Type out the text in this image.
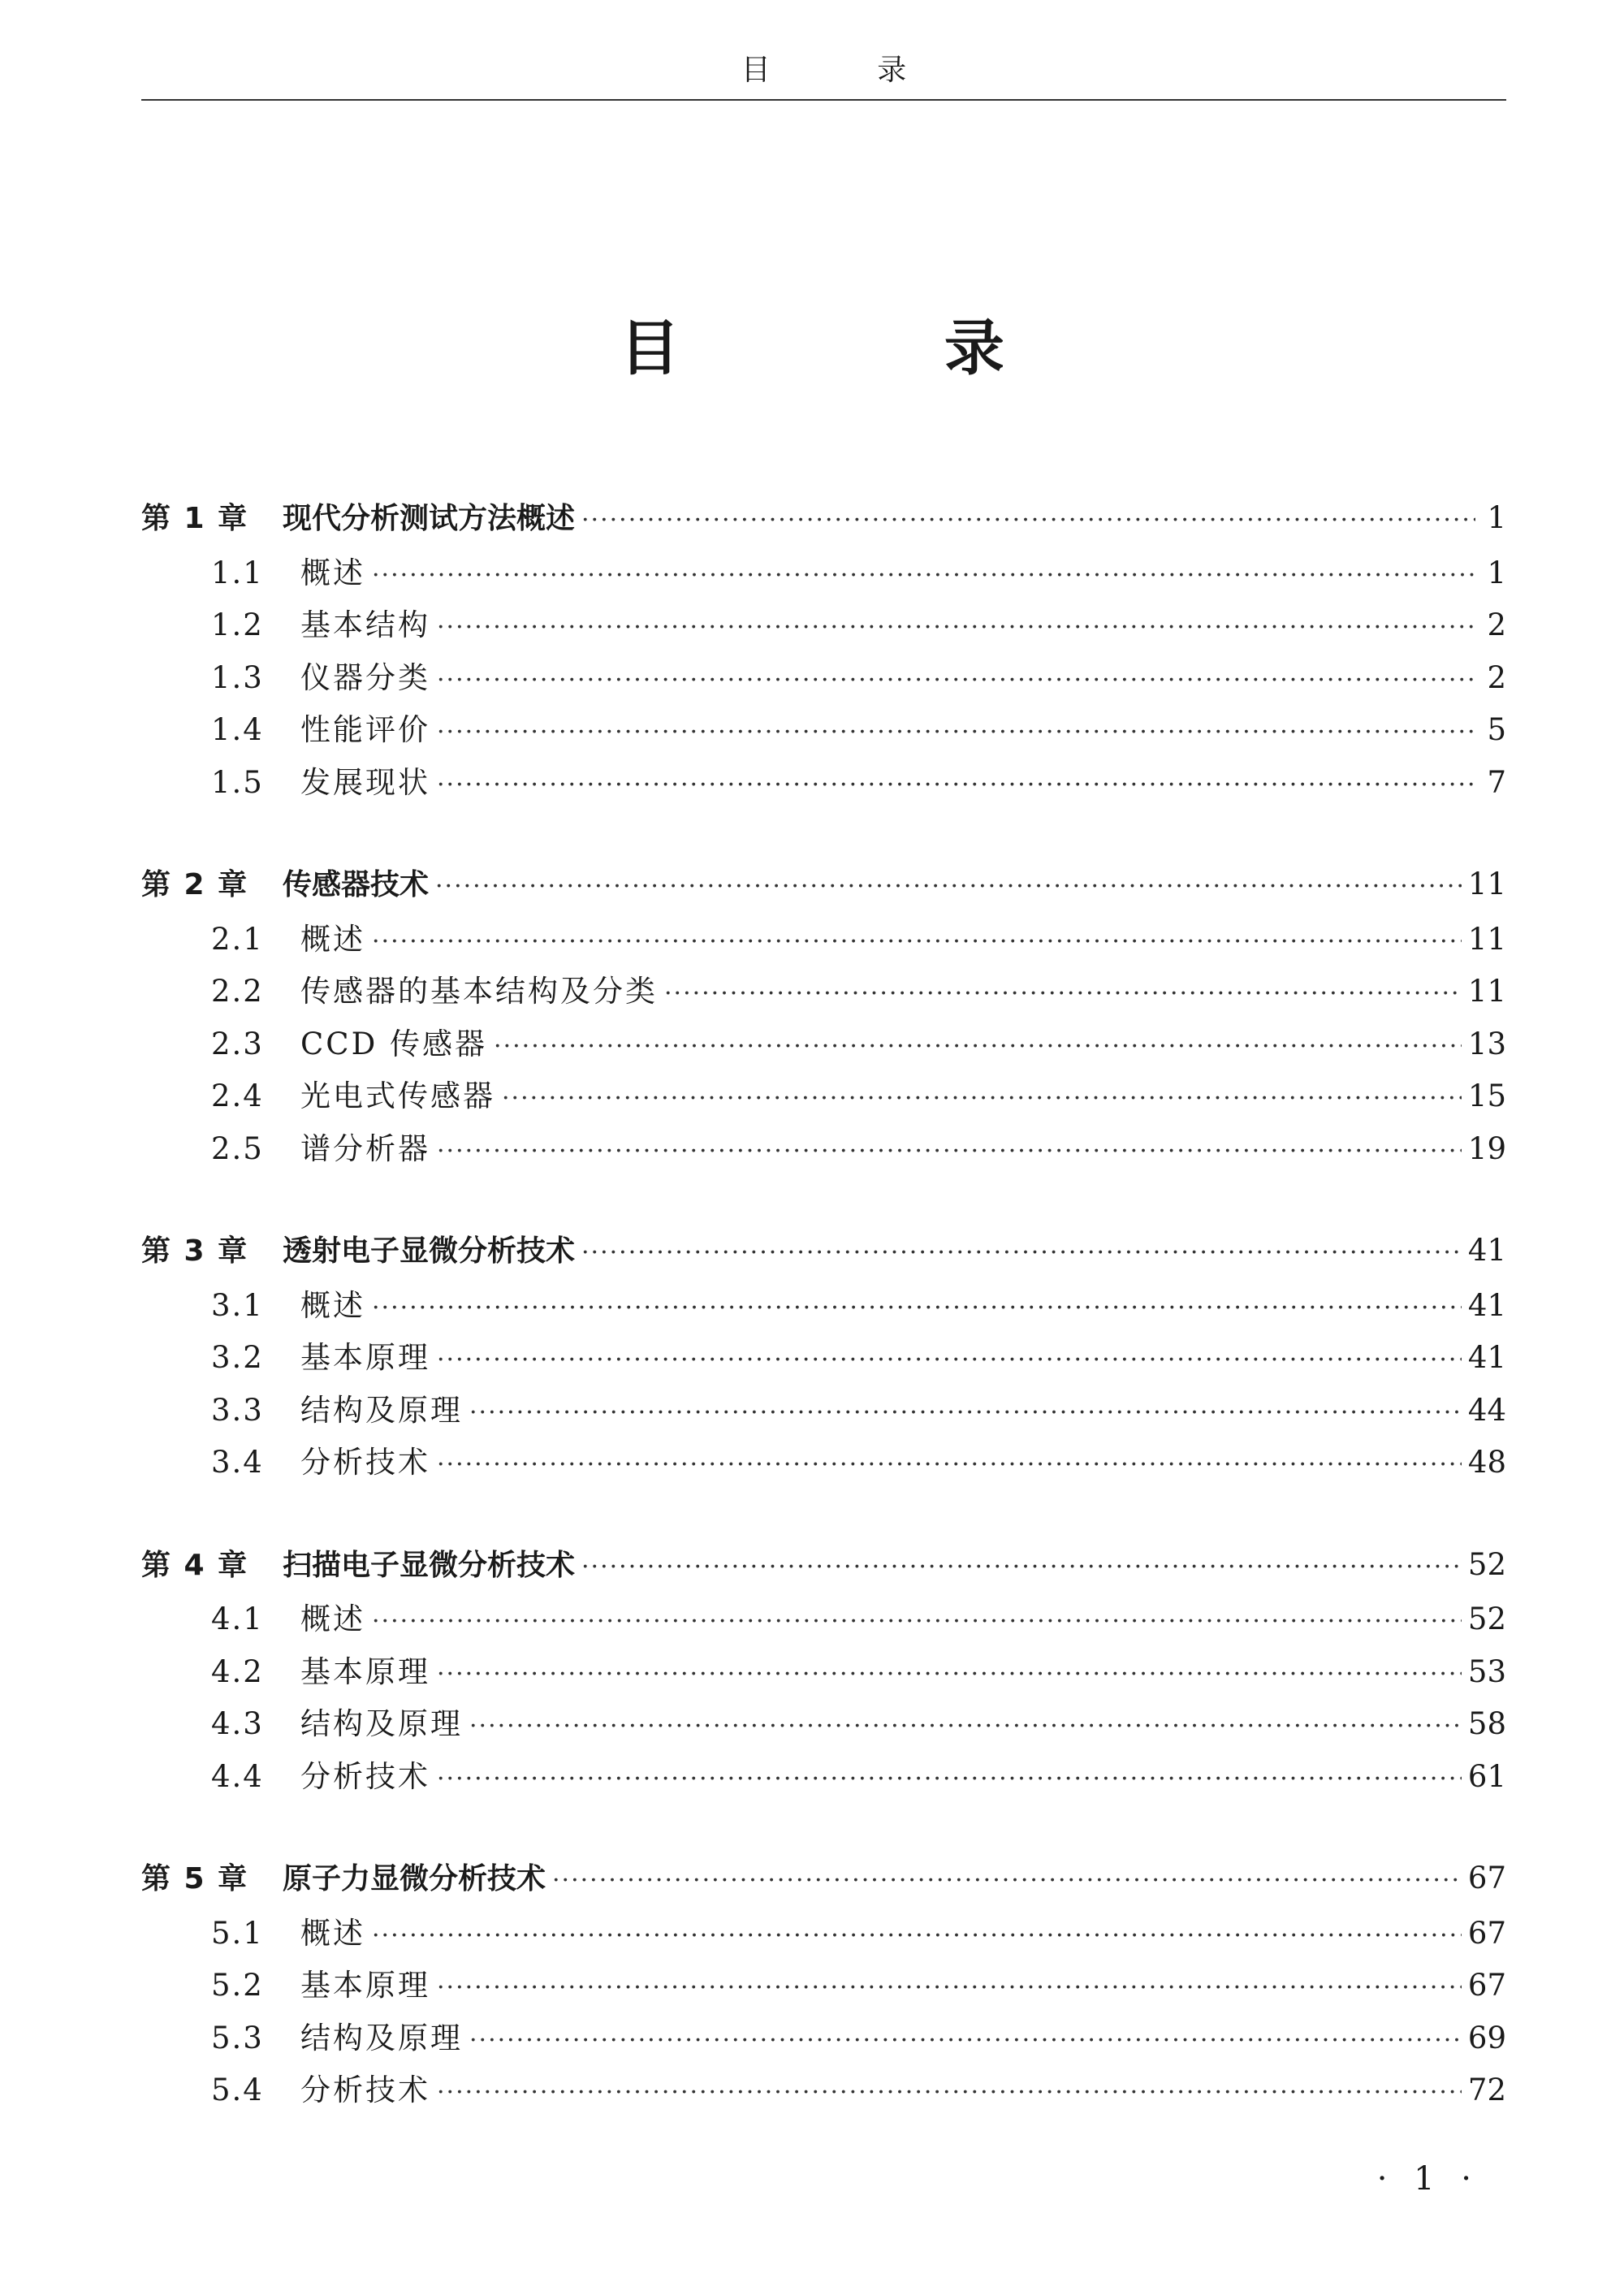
目 录
目 录
第 1 章	现代分析测试方法概述 ·····	1
1.1	概述 ·····	1
1.2	基本结构 ·····	2
1.3	仪器分类 ·····	2
1.4	性能评价 ·····	5
1.5	发展现状 ·····	7
第 2 章	传感器技术 ·····	11
2.1	概述 ·····	11
2.2	传感器的基本结构及分类 ·····	11
2.3	CCD 传感器 ·····	13
2.4	光电式传感器 ·····	15
2.5	谱分析器 ·····	19
第 3 章	透射电子显微分析技术 ·····	41
3.1	概述 ·····	41
3.2	基本原理 ·····	41
3.3	结构及原理 ·····	44
3.4	分析技术 ·····	48
第 4 章	扫描电子显微分析技术 ·····	52
4.1	概述 ·····	52
4.2	基本原理 ·····	53
4.3	结构及原理 ·····	58
4.4	分析技术 ·····	61
第 5 章	原子力显微分析技术 ·····	67
5.1	概述 ·····	67
5.2	基本原理 ·····	67
5.3	结构及原理 ·····	69
5.4	分析技术 ·····	72
· 1 ·
